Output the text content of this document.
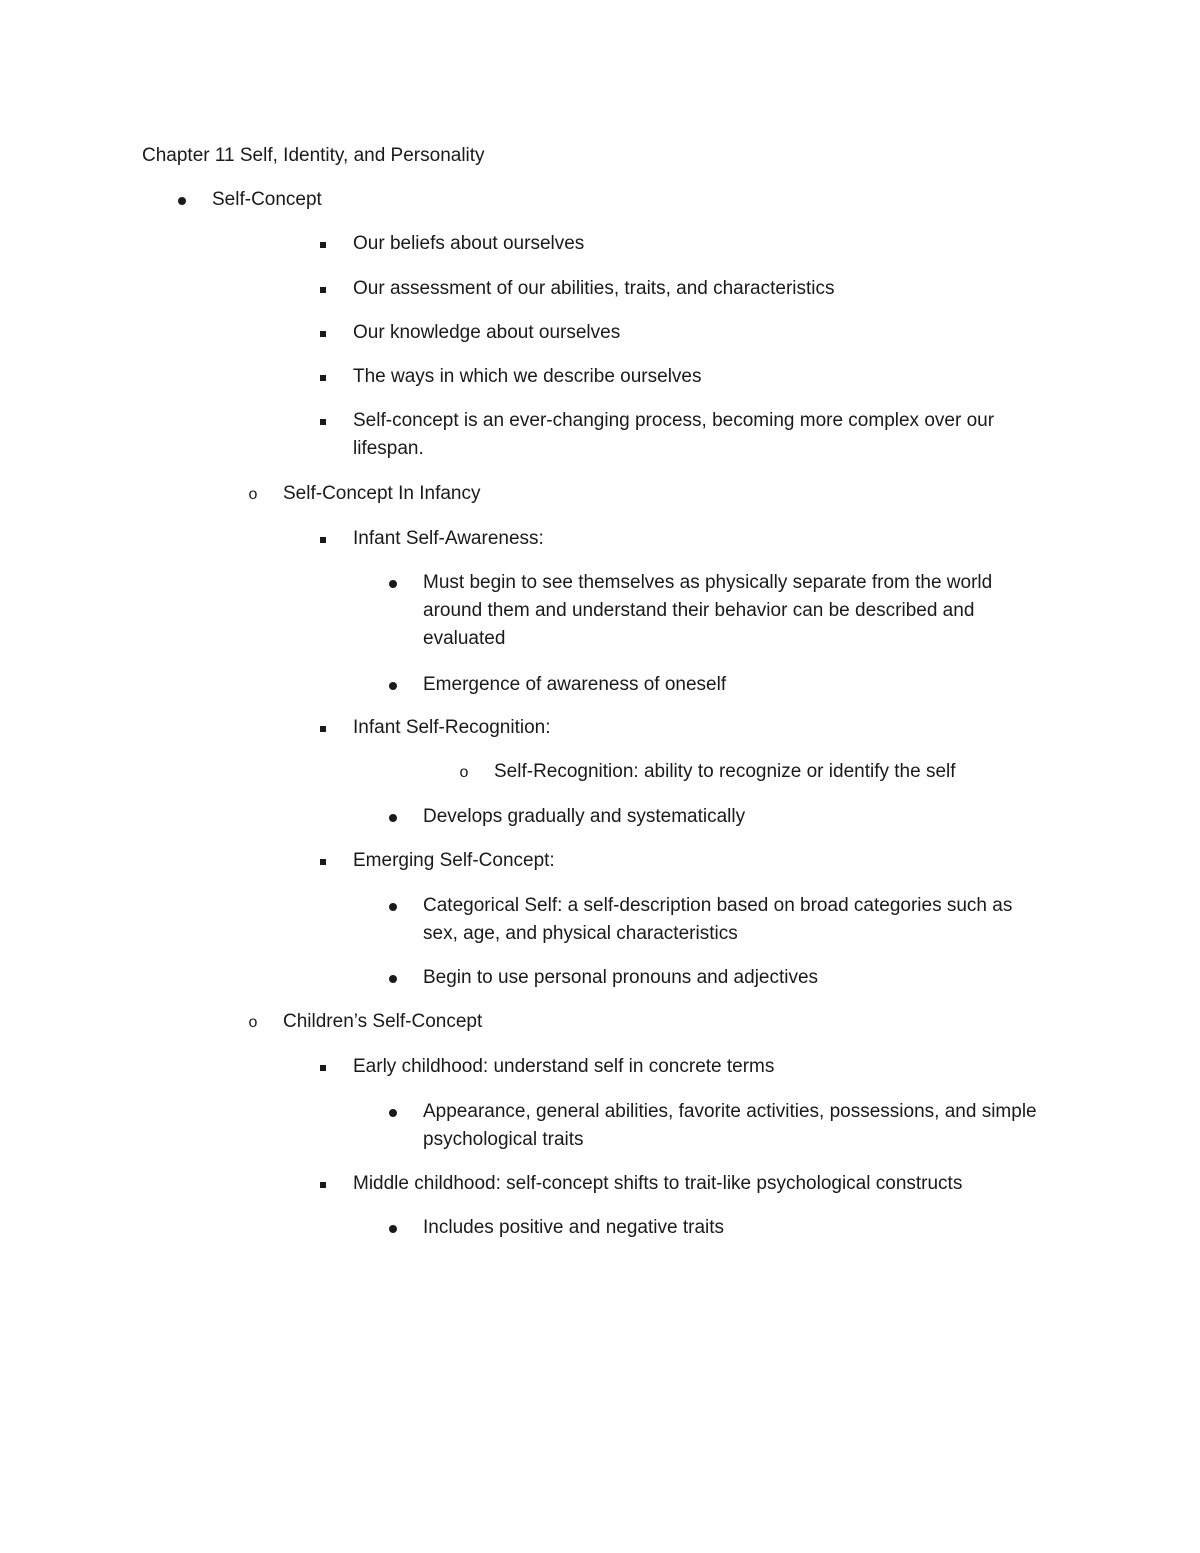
Chapter 11 Self, Identity, and Personality
Self-Concept
Our beliefs about ourselves
Our assessment of our abilities, traits, and characteristics
Our knowledge about ourselves
The ways in which we describe ourselves
Self-concept is an ever-changing process, becoming more complex over our lifespan.
o Self-Concept In Infancy
Infant Self-Awareness:
Must begin to see themselves as physically separate from the world around them and understand their behavior can be described and evaluated
Emergence of awareness of oneself
Infant Self-Recognition:
o Self-Recognition: ability to recognize or identify the self
Develops gradually and systematically
Emerging Self-Concept:
Categorical Self: a self-description based on broad categories such as sex, age, and physical characteristics
Begin to use personal pronouns and adjectives
o Children’s Self-Concept
Early childhood: understand self in concrete terms
Appearance, general abilities, favorite activities, possessions, and simple psychological traits
Middle childhood: self-concept shifts to trait-like psychological constructs
Includes positive and negative traits
